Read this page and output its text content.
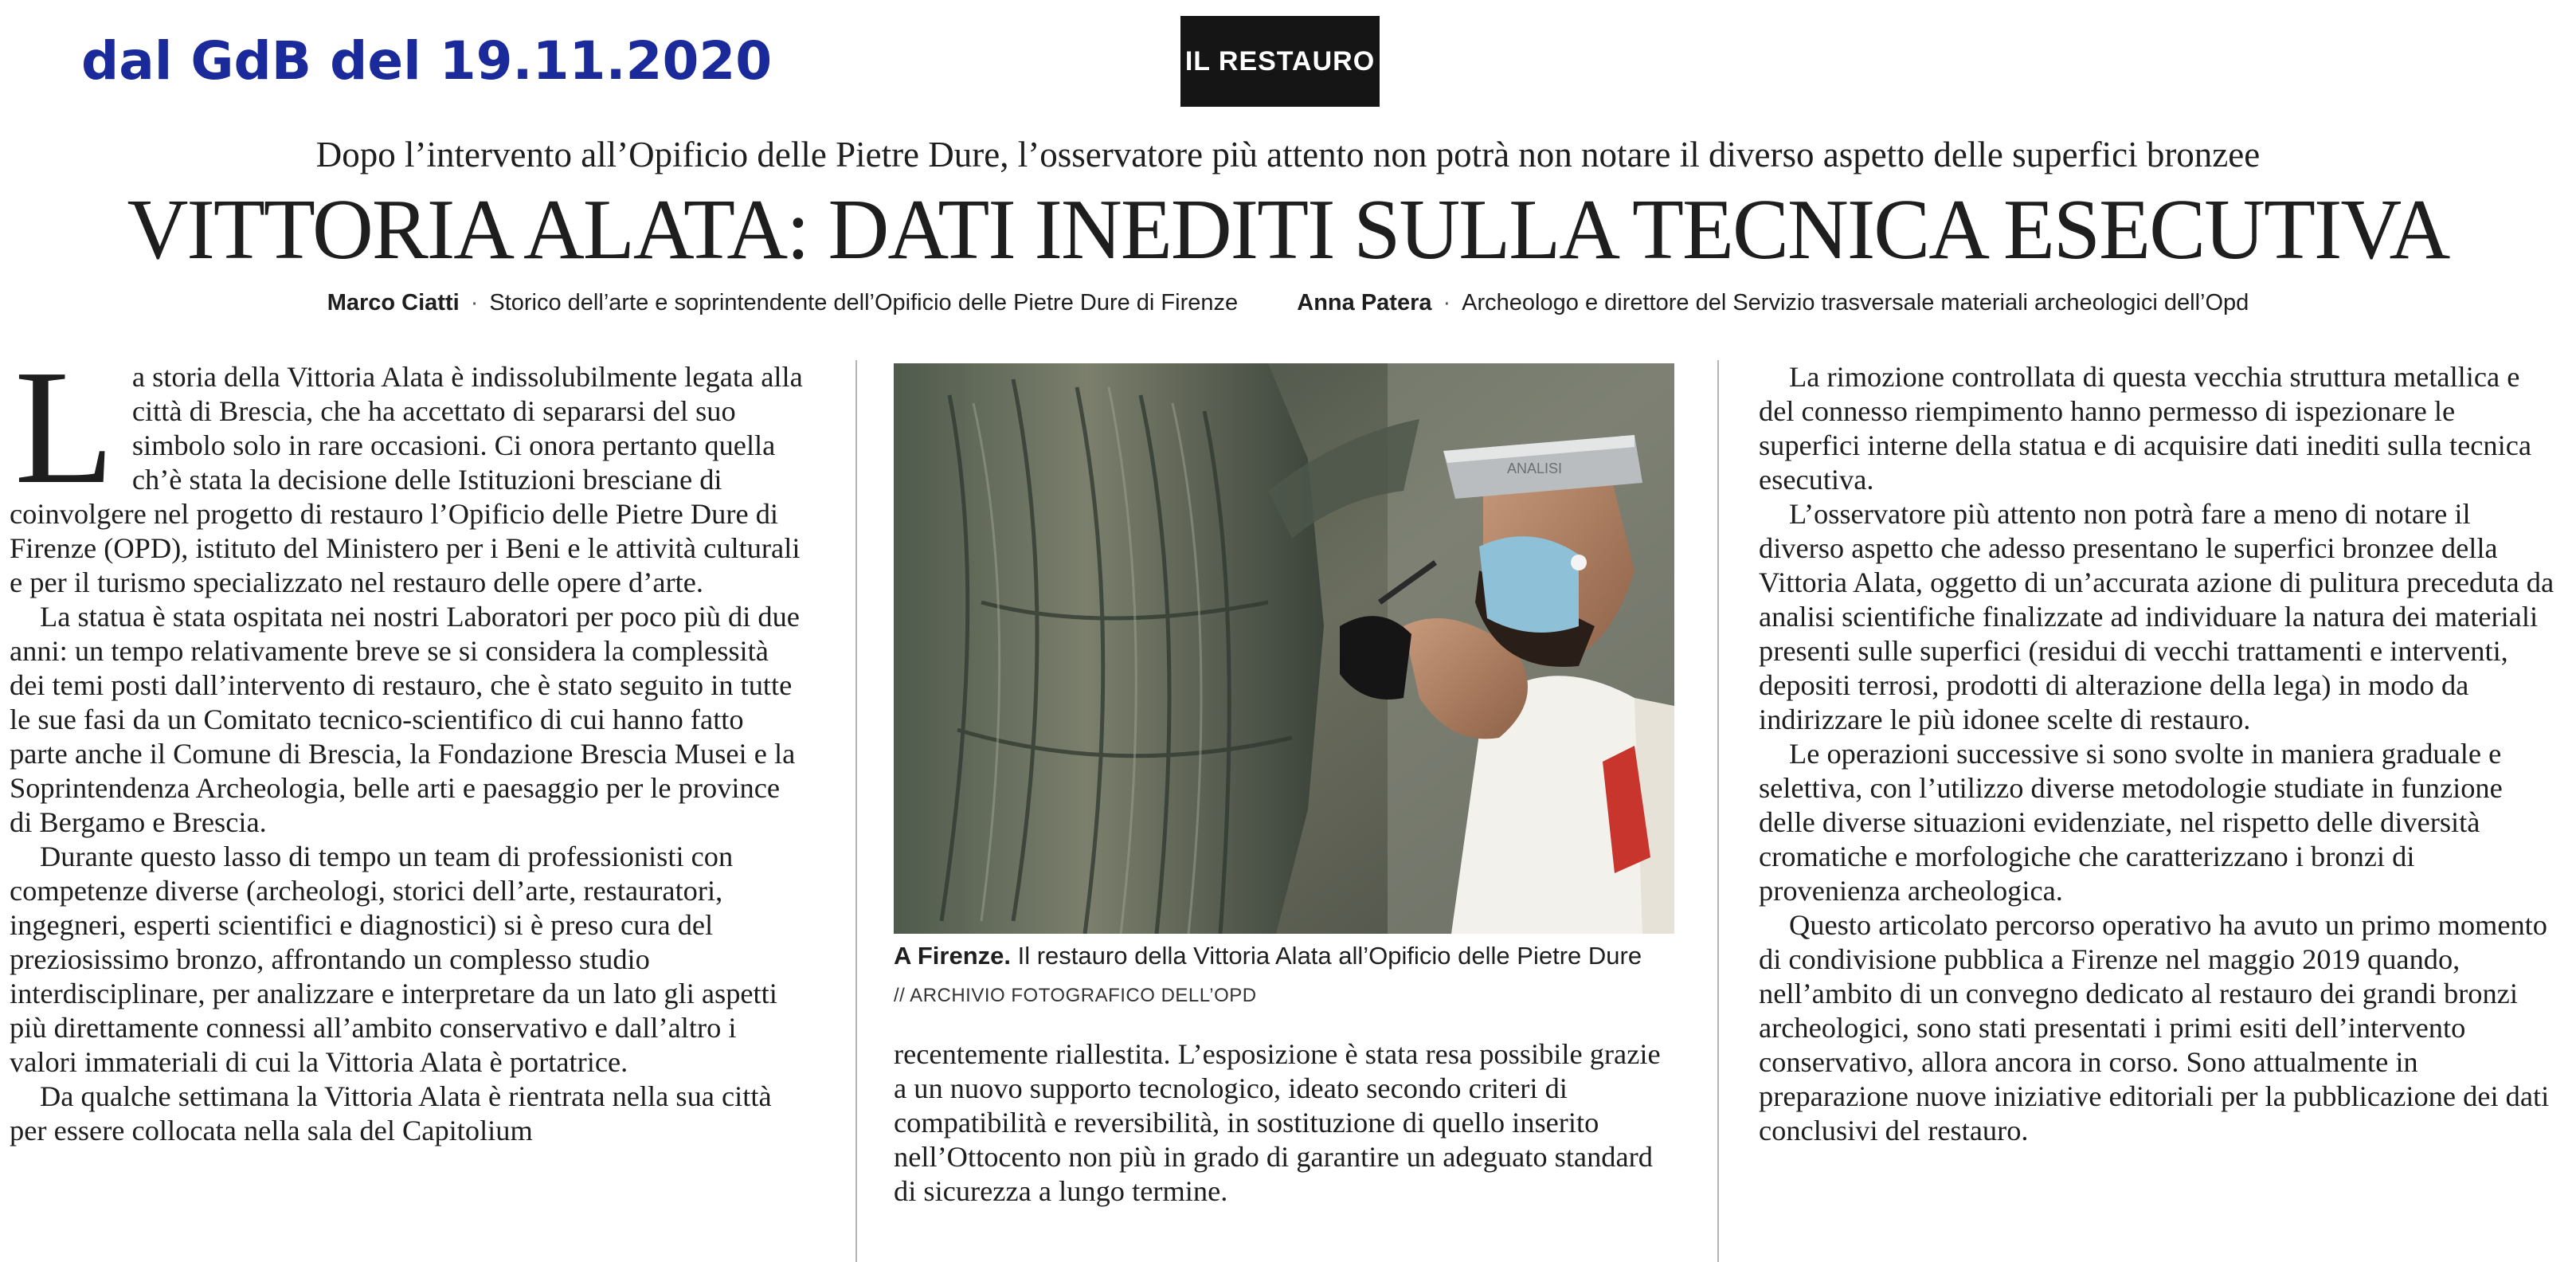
dal GdB del 19.11.2020	IL RESTAURO
Dopo l’intervento all’Opificio delle Pietre Dure, l’osservatore più attento non potrà non notare il diverso aspetto delle superfici bronzee
VITTORIA ALATA: DATI INEDITI SULLA TECNICA ESECUTIVA
Marco Ciatti · Storico dell’arte e soprintendente dell’Opificio delle Pietre Dure di Firenze	Anna Patera · Archeologo e direttore del Servizio trasversale materiali archeologici dell’Opd

La storia della Vittoria Alata è indissolubilmente legata alla città di Brescia, che ha accettato di separarsi del suo simbolo solo in rare occasioni. Ci onora pertanto quella ch’è stata la decisione delle Istituzioni bresciane di coinvolgere nel progetto di restauro l’Opificio delle Pietre Dure di Firenze (OPD), istituto del Ministero per i Beni e le attività culturali e per il turismo specializzato nel restauro delle opere d’arte.

La statua è stata ospitata nei nostri Laboratori per poco più di due anni: un tempo relativamente breve se si considera la complessità dei temi posti dall’intervento di restauro, che è stato seguito in tutte le sue fasi da un Comitato tecnico-scientifico di cui hanno fatto parte anche il Comune di Brescia, la Fondazione Brescia Musei e la Soprintendenza Archeologia, belle arti e paesaggio per le province di Bergamo e Brescia.

Durante questo lasso di tempo un team di professionisti con competenze diverse (archeologi, storici dell’arte, restauratori, ingegneri, esperti scientifici e diagnostici) si è preso cura del preziosissimo bronzo, affrontando un complesso studio interdisciplinare, per analizzare e interpretare da un lato gli aspetti più direttamente connessi all’ambito conservativo e dall’altro i valori immateriali di cui la Vittoria Alata è portatrice.

Da qualche settimana la Vittoria Alata è rientrata nella sua città per essere collocata nella sala del Capitolium

ANALISI
A Firenze. Il restauro della Vittoria Alata all’Opificio delle Pietre Dure
// ARCHIVIO FOTOGRAFICO DELL’OPD

recentemente riallestita. L’esposizione è stata resa possibile grazie a un nuovo supporto tecnologico, ideato secondo criteri di compatibilità e reversibilità, in sostituzione di quello inserito nell’Ottocento non più in grado di garantire un adeguato standard di sicurezza a lungo termine.

La rimozione controllata di questa vecchia struttura metallica e del connesso riempimento hanno permesso di ispezionare le superfici interne della statua e di acquisire dati inediti sulla tecnica esecutiva.

L’osservatore più attento non potrà fare a meno di notare il diverso aspetto che adesso presentano le superfici bronzee della Vittoria Alata, oggetto di un’accurata azione di pulitura preceduta da analisi scientifiche finalizzate ad individuare la natura dei materiali presenti sulle superfici (residui di vecchi trattamenti e interventi, depositi terrosi, prodotti di alterazione della lega) in modo da indirizzare le più idonee scelte di restauro.

Le operazioni successive si sono svolte in maniera graduale e selettiva, con l’utilizzo diverse metodologie studiate in funzione delle diverse situazioni evidenziate, nel rispetto delle diversità cromatiche e morfologiche che caratterizzano i bronzi di provenienza archeologica.

Questo articolato percorso operativo ha avuto un primo momento di condivisione pubblica a Firenze nel maggio 2019 quando, nell’ambito di un convegno dedicato al restauro dei grandi bronzi archeologici, sono stati presentati i primi esiti dell’intervento conservativo, allora ancora in corso. Sono attualmente in preparazione nuove iniziative editoriali per la pubblicazione dei dati conclusivi del restauro.
